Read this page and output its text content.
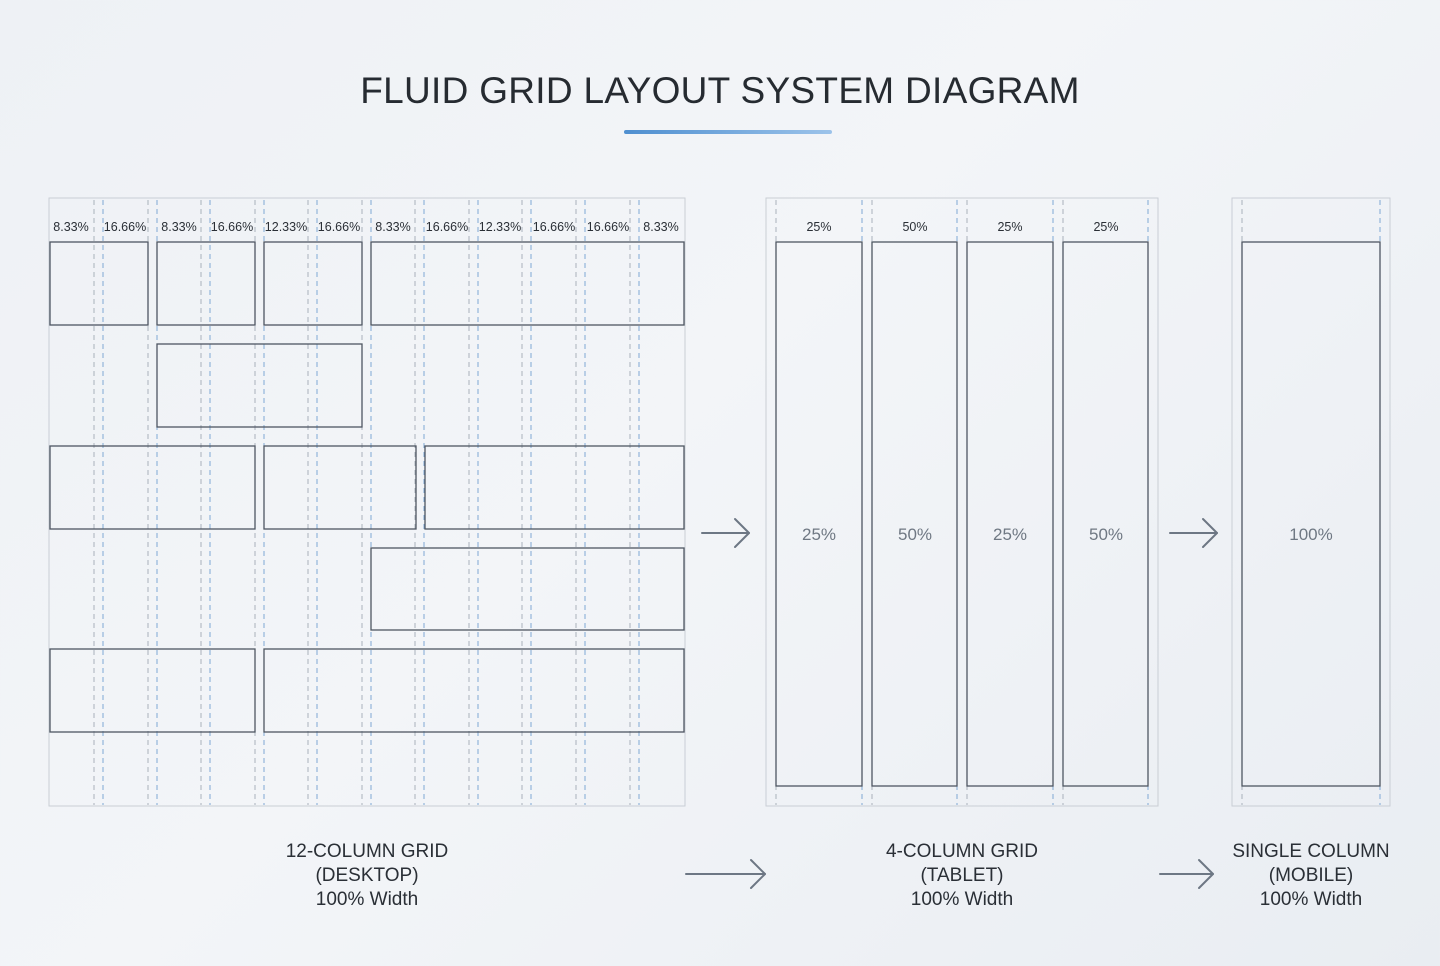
FLUID GRID LAYOUT SYSTEM DIAGRAM
8.33% 16.66% 8.33% 16.66% 12.33% 16.66% 8.33% 16.66% 12.33% 16.66% 16.66% 8.33%	25%	50%	25%	25%
25%	50%	25%	50%	100%
12-COLUMN GRID
(DESKTOP)
100% Width
4-COLUMN GRID
(TABLET)
100% Width
SINGLE COLUMN
(MOBILE)
100% Width
